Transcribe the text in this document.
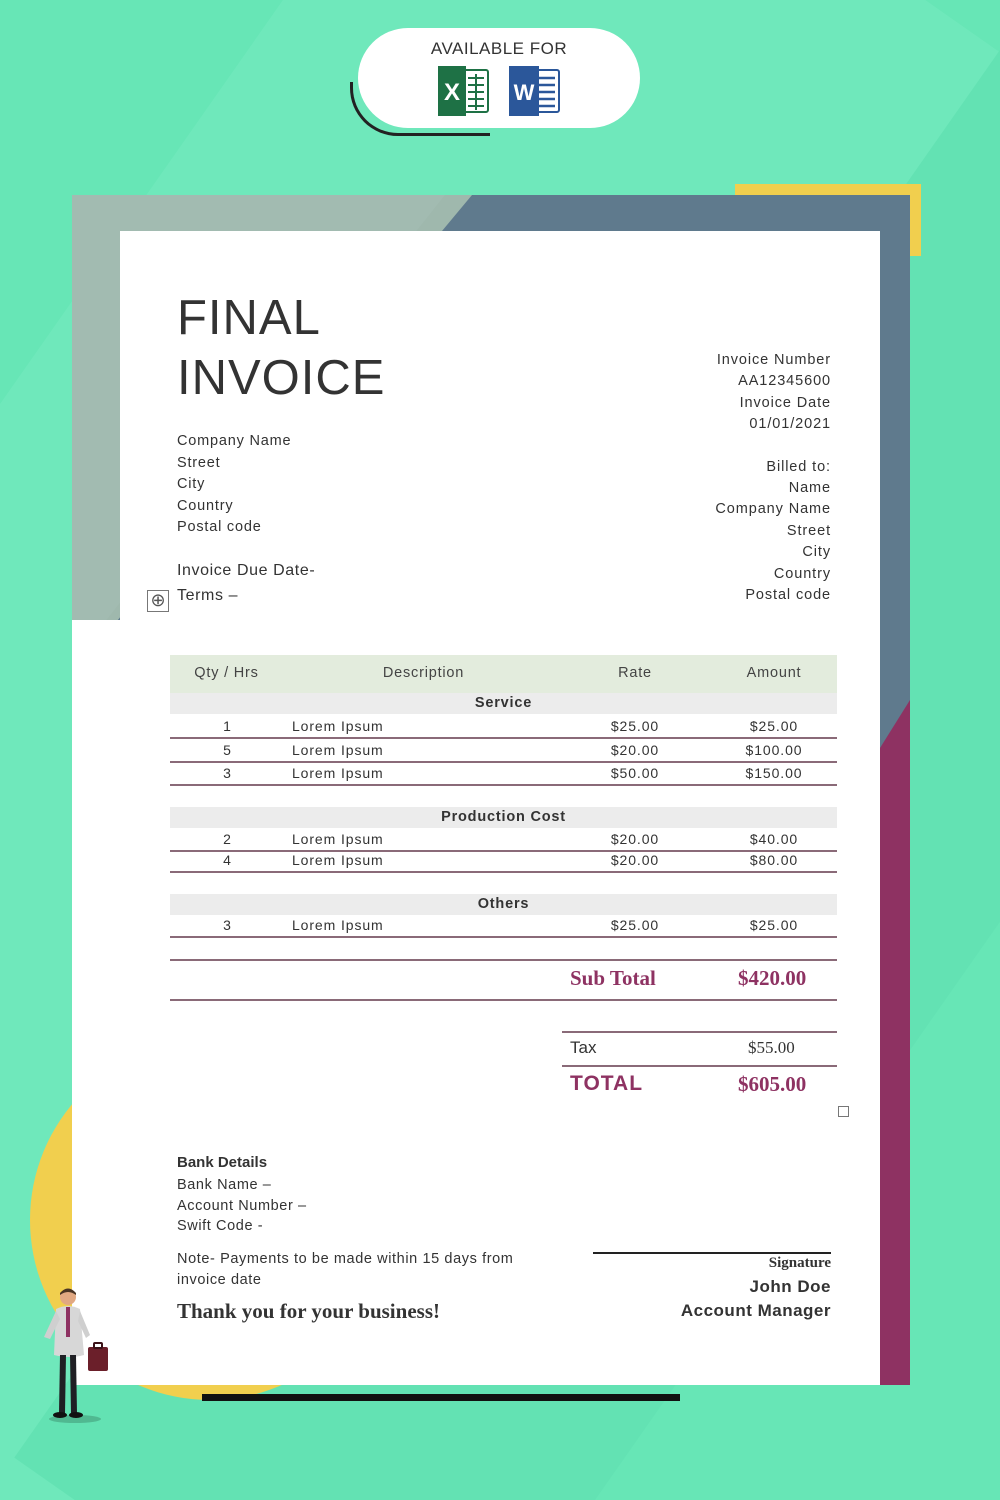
AVAILABLE FOR
X W
FINAL
INVOICE
Company Name
Street
City
Country
Postal code
Invoice Due Date-
Terms –
⊕
Invoice Number
AA12345600
Invoice Date
01/01/2021
Billed to:
Name
Company Name
Street
City
Country
Postal code
Qty / Hrs	Description	Rate	Amount
Service
1	Lorem Ipsum	$25.00	$25.00
5	Lorem Ipsum	$20.00	$100.00
3	Lorem Ipsum	$50.00	$150.00
Production Cost
2	Lorem Ipsum	$20.00	$40.00
4	Lorem Ipsum	$20.00	$80.00
Others
3	Lorem Ipsum	$25.00	$25.00
Sub Total	$420.00
Tax	$55.00
TOTAL	$605.00
Bank Details
Bank Name –
Account Number –
Swift Code -
Note- Payments to be made within 15 days from invoice date
Thank you for your business!
Signature
John Doe
Account Manager
